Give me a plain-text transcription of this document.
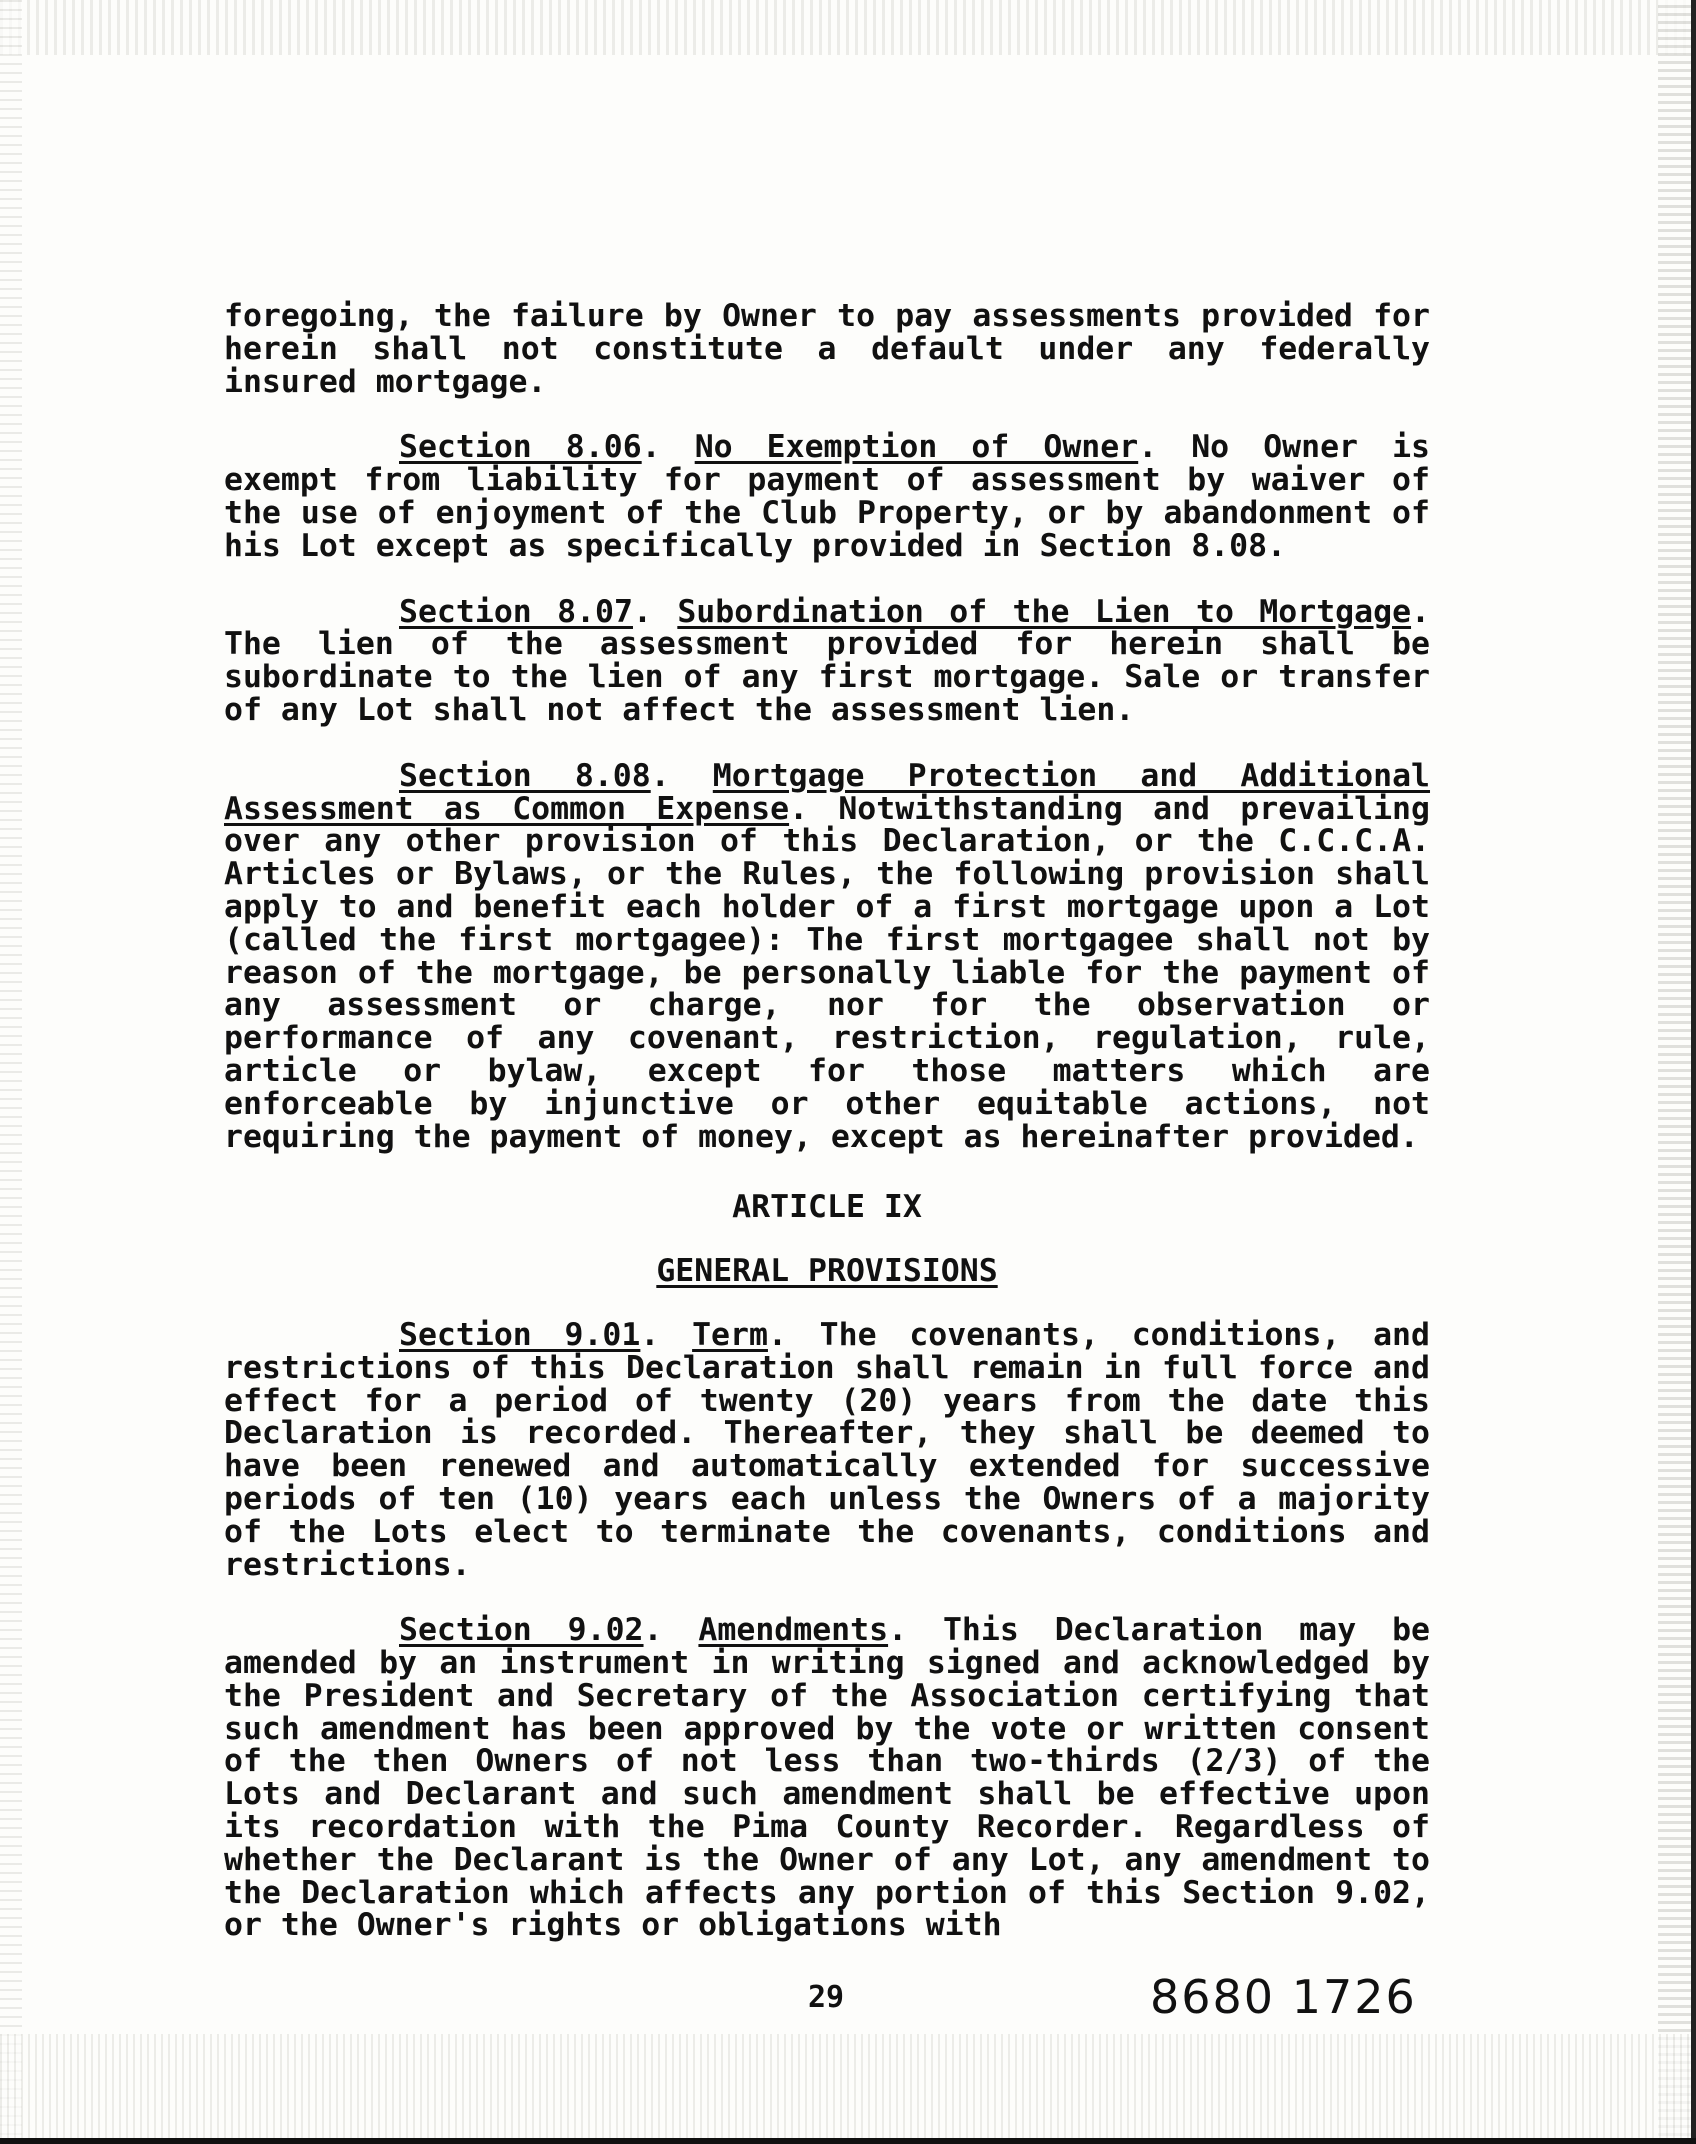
foregoing, the failure by Owner to pay assessments provided for herein shall not constitute a default under any federally insured mortgage.

Section 8.06. No Exemption of Owner. No Owner is exempt from liability for payment of assessment by waiver of the use of enjoyment of the Club Property, or by abandonment of his Lot except as specifically provided in Section 8.08.

Section 8.07. Subordination of the Lien to Mortgage. The lien of the assessment provided for herein shall be subordinate to the lien of any first mortgage. Sale or transfer of any Lot shall not affect the assessment lien.

Section 8.08. Mortgage Protection and Additional Assessment as Common Expense. Notwithstanding and prevailing over any other provision of this Declaration, or the C.C.C.A. Articles or Bylaws, or the Rules, the following provision shall apply to and benefit each holder of a first mortgage upon a Lot (called the first mortgagee): The first mortgagee shall not by reason of the mortgage, be personally liable for the payment of any assessment or charge, nor for the observation or performance of any covenant, restriction, regulation, rule, article or bylaw, except for those matters which are enforceable by injunctive or other equitable actions, not requiring the payment of money, except as hereinafter provided.

ARTICLE IX

GENERAL PROVISIONS

Section 9.01. Term. The covenants, conditions, and restrictions of this Declaration shall remain in full force and effect for a period of twenty (20) years from the date this Declaration is recorded. Thereafter, they shall be deemed to have been renewed and automatically extended for successive periods of ten (10) years each unless the Owners of a majority of the Lots elect to terminate the covenants, conditions and restrictions.

Section 9.02. Amendments. This Declaration may be amended by an instrument in writing signed and acknowledged by the President and Secretary of the Association certifying that such amendment has been approved by the vote or written consent of the then Owners of not less than two-thirds (2/3) of the Lots and Declarant and such amendment shall be effective upon its recordation with the Pima County Recorder. Regardless of whether the Declarant is the Owner of any Lot, any amendment to the Declaration which affects any portion of this Section 9.02, or the Owner's rights or obligations with

29	8680 1726
